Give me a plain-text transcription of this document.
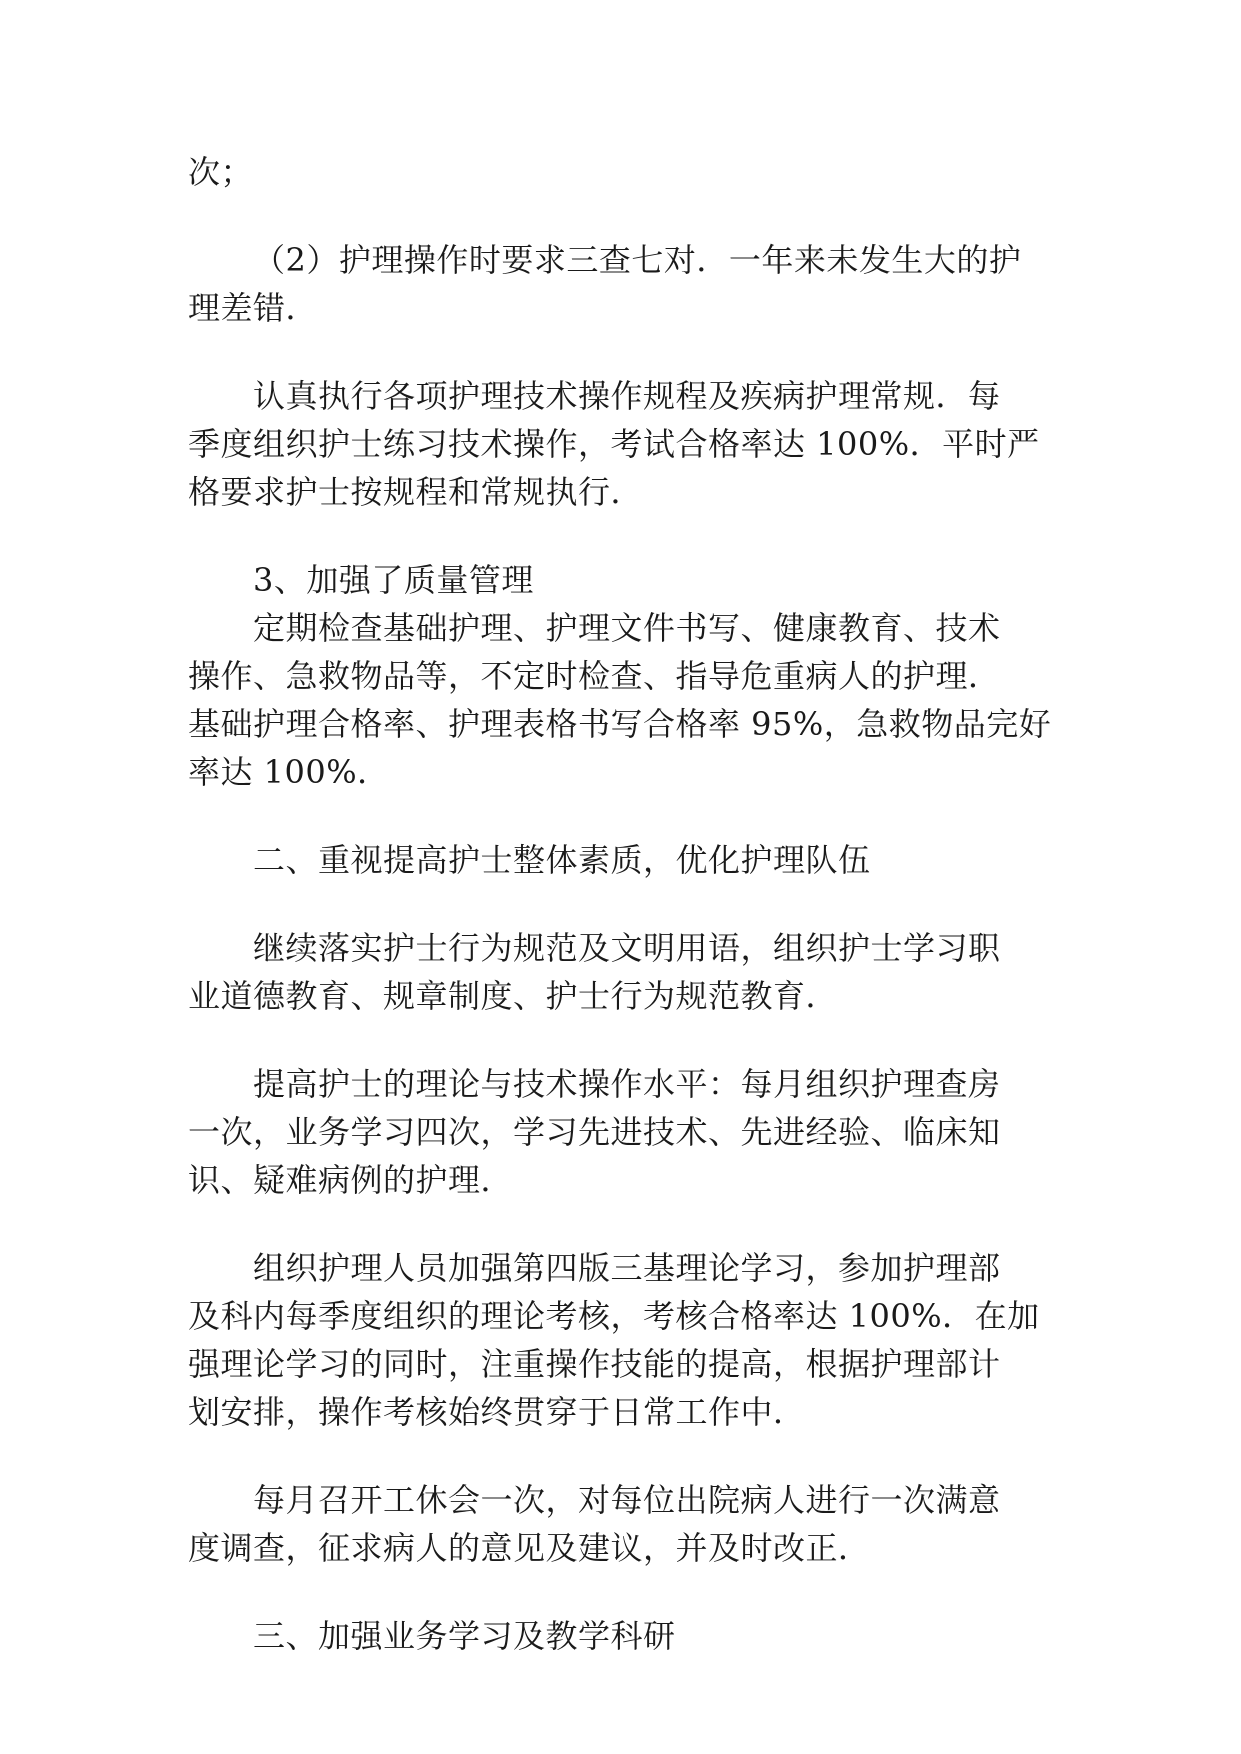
次；
（2）护理操作时要求三查七对．一年来未发生大的护
理差错．
认真执行各项护理技术操作规程及疾病护理常规．每
季度组织护士练习技术操作，考试合格率达 100%．平时严
格要求护士按规程和常规执行．
3、加强了质量管理
定期检查基础护理、护理文件书写、健康教育、技术
操作、急救物品等，不定时检查、指导危重病人的护理．
基础护理合格率、护理表格书写合格率 95%，急救物品完好
率达 100%．
二、重视提高护士整体素质，优化护理队伍
继续落实护士行为规范及文明用语，组织护士学习职
业道德教育、规章制度、护士行为规范教育．
提高护士的理论与技术操作水平：每月组织护理查房
一次，业务学习四次，学习先进技术、先进经验、临床知
识、疑难病例的护理．
组织护理人员加强第四版三基理论学习，参加护理部
及科内每季度组织的理论考核，考核合格率达 100%．在加
强理论学习的同时，注重操作技能的提高，根据护理部计
划安排，操作考核始终贯穿于日常工作中．
每月召开工休会一次，对每位出院病人进行一次满意
度调查，征求病人的意见及建议，并及时改正．
三、加强业务学习及教学科研
